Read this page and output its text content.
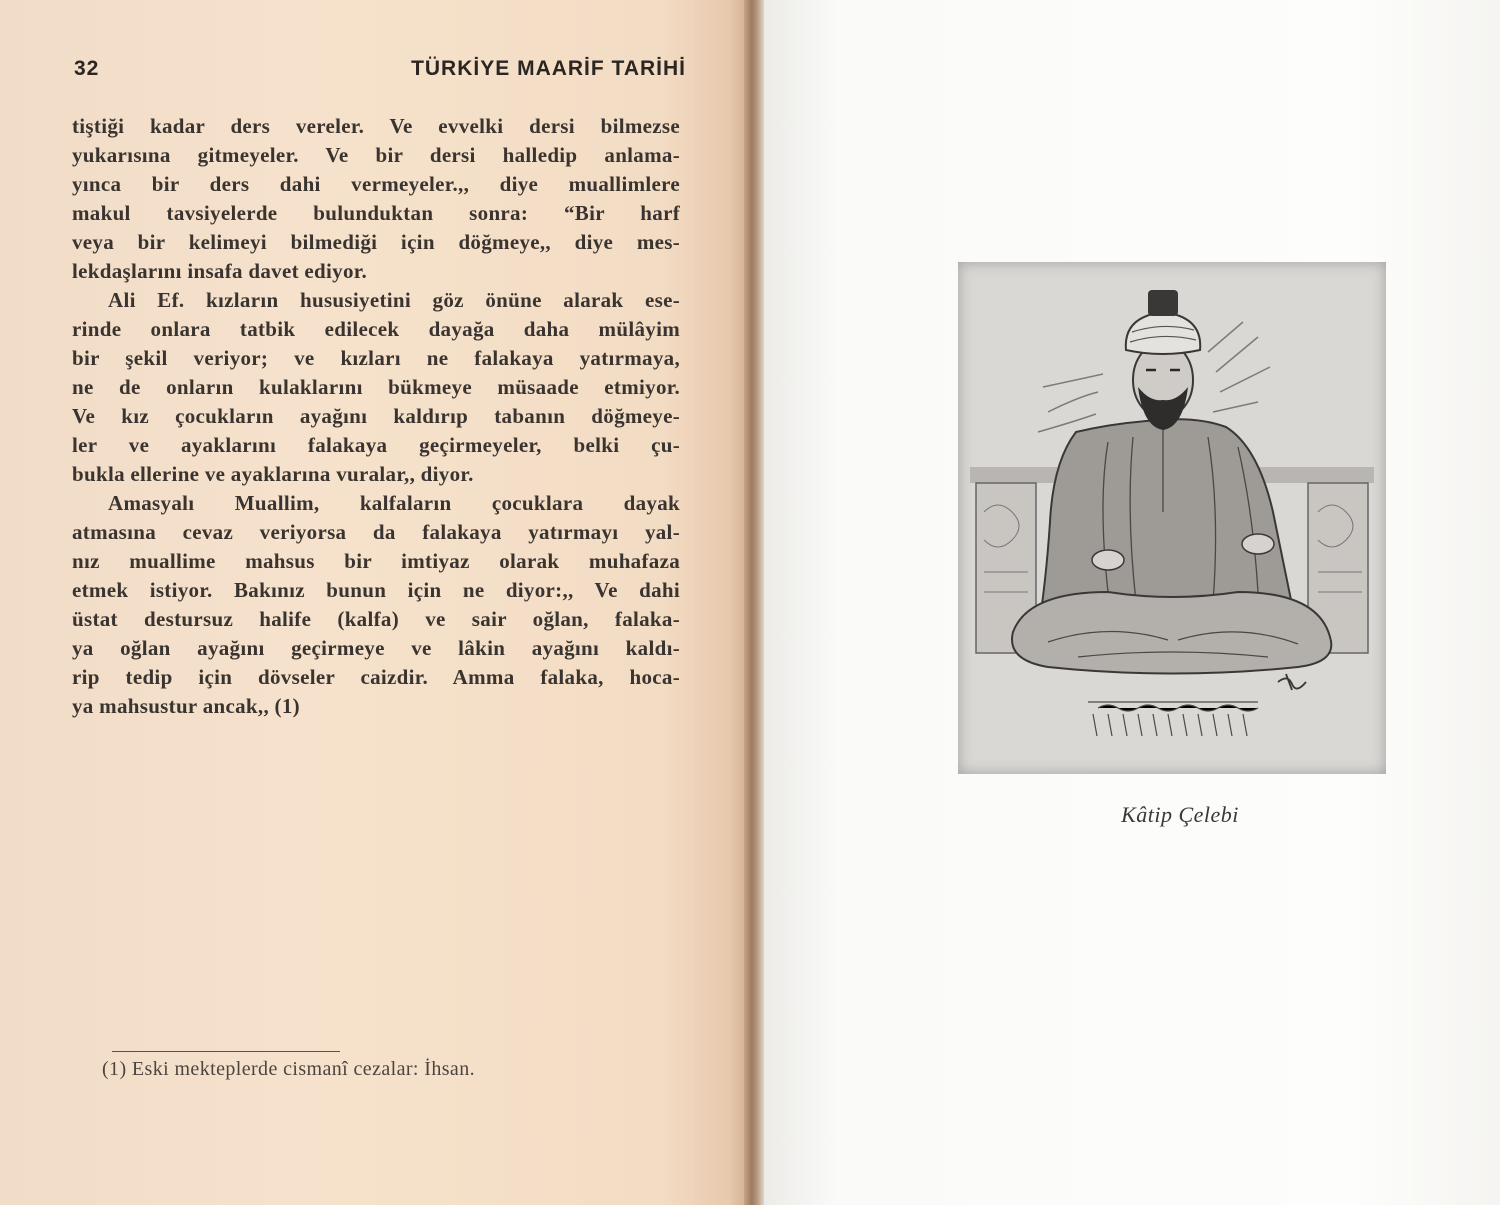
32	TÜRKİYE MAARİF TARİHİ
tiştiği kadar ders vereler. Ve evvelki dersi bilmezse
yukarısına gitmeyeler. Ve bir dersi halledip anlama-
yınca bir ders dahi vermeyeler.,, diye muallimlere
makul tavsiyelerde bulunduktan sonra: “Bir harf
veya bir kelimeyi bilmediği için döğmeye,, diye mes-
lekdaşlarını insafa davet ediyor.
Ali Ef. kızların hususiyetini göz önüne alarak ese-
rinde onlara tatbik edilecek dayağa daha mülâyim
bir şekil veriyor; ve kızları ne falakaya yatırmaya,
ne de onların kulaklarını bükmeye müsaade etmiyor.
Ve kız çocukların ayağını kaldırıp tabanın döğmeye-
ler ve ayaklarını falakaya geçirmeyeler, belki çu-
bukla ellerine ve ayaklarına vuralar,, diyor.
Amasyalı Muallim, kalfaların çocuklara dayak
atmasına cevaz veriyorsa da falakaya yatırmayı yal-
nız muallime mahsus bir imtiyaz olarak muhafaza
etmek istiyor. Bakınız bunun için ne diyor:,, Ve dahi
üstat destursuz halife (kalfa) ve sair oğlan, falaka-
ya oğlan ayağını geçirmeye ve lâkin ayağını kaldı-
rip tedip için dövseler caizdir. Amma falaka, hoca-
ya mahsustur ancak,, (1)
(1) Eski mekteplerde cismanî cezalar: İhsan.
Kâtip Çelebi
